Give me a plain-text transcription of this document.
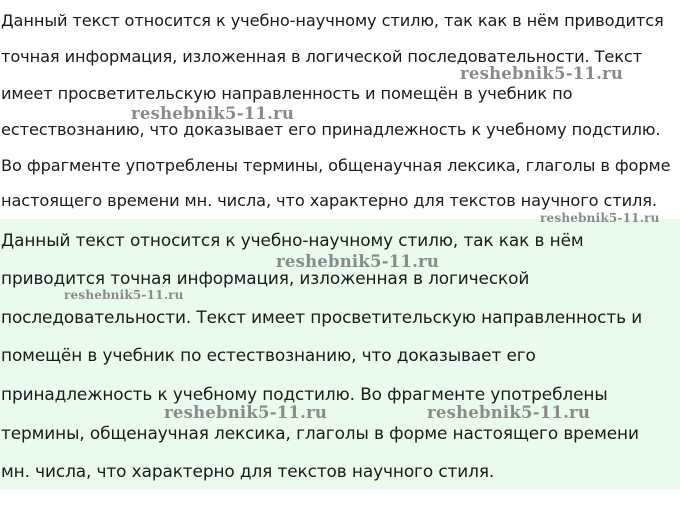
Данный текст относится к учебно-научному стилю, так как в нём приводится
точная информация, изложенная в логической последовательности. Текст
имеет просветительскую направленность и помещён в учебник по
естествознанию, что доказывает его принадлежность к учебному подстилю.
Во фрагменте употреблены термины, общенаучная лексика, глаголы в форме
настоящего времени мн. числа, что характерно для текстов научного стиля.
Данный текст относится к учебно-научному стилю, так как в нём
приводится точная информация, изложенная в логической
последовательности. Текст имеет просветительскую направленность и
помещён в учебник по естествознанию, что доказывает его
принадлежность к учебному подстилю. Во фрагменте употреблены
термины, общенаучная лексика, глаголы в форме настоящего времени
мн. числа, что характерно для текстов научного стиля.
reshebnik5-11.ru
reshebnik5-11.ru
reshebnik5-11.ru
reshebnik5-11.ru
reshebnik5-11.ru
reshebnik5-11.ru	reshebnik5-11.ru
